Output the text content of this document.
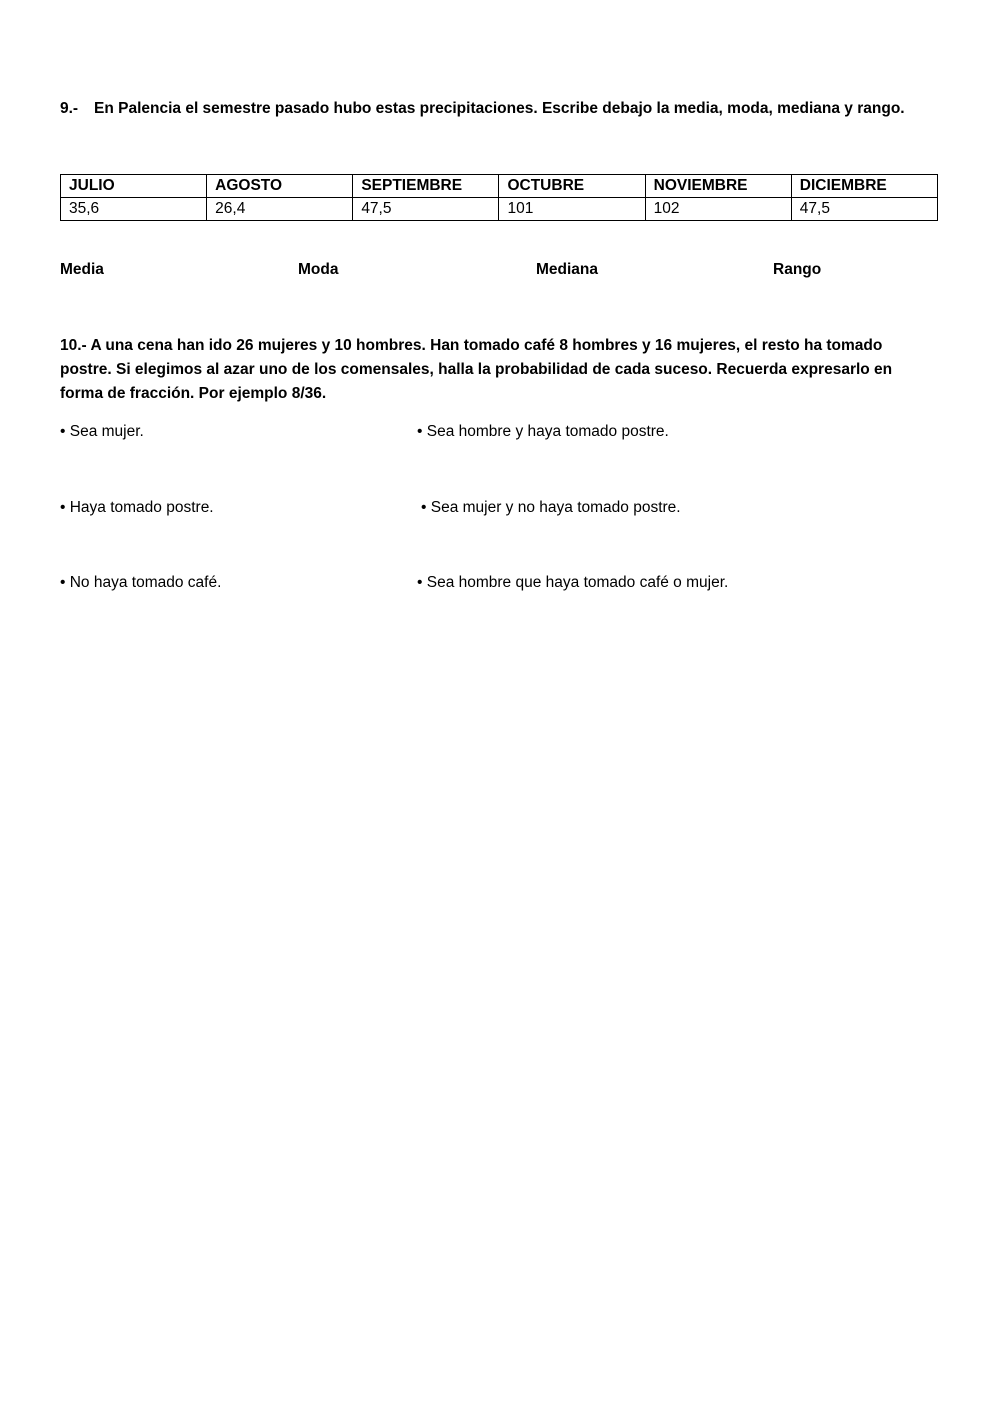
9.- En Palencia el semestre pasado hubo estas precipitaciones. Escribe debajo la media, moda, mediana y rango.
JULIO	AGOSTO	SEPTIEMBRE	OCTUBRE	NOVIEMBRE	DICIEMBRE
35,6	26,4	47,5	101	102	47,5
Media	Moda	Mediana	Rango
10.- A una cena han ido 26 mujeres y 10 hombres. Han tomado café 8 hombres y 16 mujeres, el resto ha tomado postre. Si elegimos al azar uno de los comensales, halla la probabilidad de cada suceso. Recuerda expresarlo en forma de fracción. Por ejemplo 8/36.
• Sea mujer.	• Sea hombre y haya tomado postre.
• Haya tomado postre.	• Sea mujer y no haya tomado postre.
• No haya tomado café.	• Sea hombre que haya tomado café o mujer.
